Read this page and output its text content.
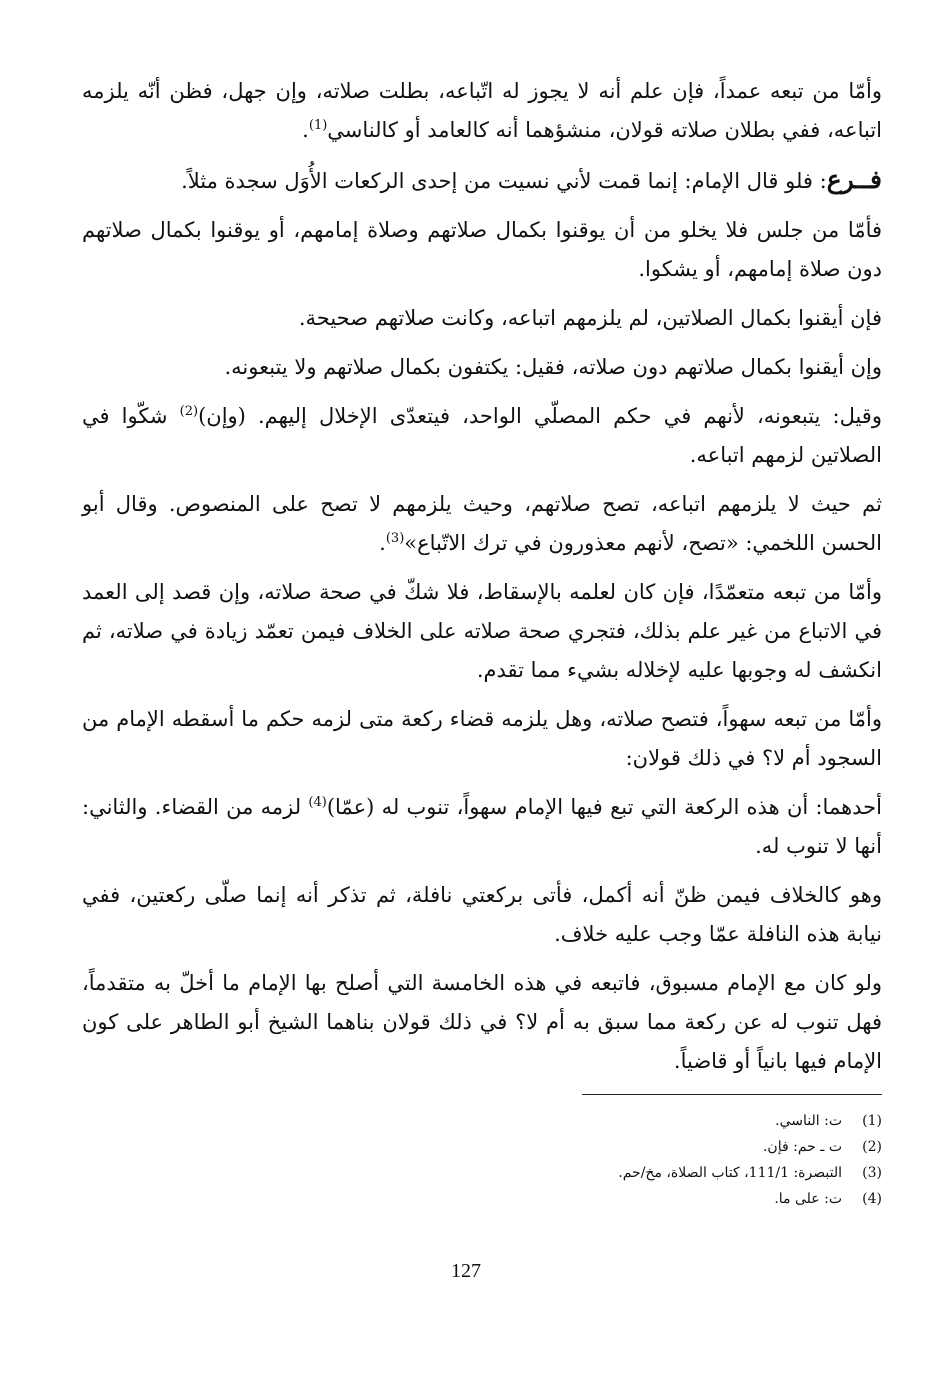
وأمّا من تبعه عمداً، فإن علم أنه لا يجوز له اتّباعه، بطلت صلاته، وإن جهل، فظن أنّه يلزمه اتباعه، ففي بطلان صلاته قولان، منشؤهما أنه كالعامد أو كالناسي$^{(1)}$.

فــرع: فلو قال الإمام: إنما قمت لأني نسيت من إحدى الركعات الأُوَل سجدة مثلاً.

فأمّا من جلس فلا يخلو من أن يوقنوا بكمال صلاتهم وصلاة إمامهم، أو يوقنوا بكمال صلاتهم دون صلاة إمامهم، أو يشكوا.

فإن أيقنوا بكمال الصلاتين، لم يلزمهم اتباعه، وكانت صلاتهم صحيحة.

وإن أيقنوا بكمال صلاتهم دون صلاته، فقيل: يكتفون بكمال صلاتهم ولا يتبعونه.

وقيل: يتبعونه، لأنهم في حكم المصلّي الواحد، فيتعدّى الإخلال إليهم. (وإن)$^{(2)}$ شكّوا في الصلاتين لزمهم اتباعه.

ثم حيث لا يلزمهم اتباعه، تصح صلاتهم، وحيث يلزمهم لا تصح على المنصوص. وقال أبو الحسن اللخمي: «تصح، لأنهم معذورون في ترك الاتّباع»$^{(3)}$.

وأمّا من تبعه متعمّدًا، فإن كان لعلمه بالإسقاط، فلا شكّ في صحة صلاته، وإن قصد إلى العمد في الاتباع من غير علم بذلك، فتجري صحة صلاته على الخلاف فيمن تعمّد زيادة في صلاته، ثم انكشف له وجوبها عليه لإخلاله بشيء مما تقدم.

وأمّا من تبعه سهواً، فتصح صلاته، وهل يلزمه قضاء ركعة متى لزمه حكم ما أسقطه الإمام من السجود أم لا؟ في ذلك قولان:

أحدهما: أن هذه الركعة التي تبع فيها الإمام سهواً، تنوب له (عمّا)$^{(4)}$ لزمه من القضاء. والثاني: أنها لا تنوب له.

وهو كالخلاف فيمن ظنّ أنه أكمل، فأتى بركعتي نافلة، ثم تذكر أنه إنما صلّى ركعتين، ففي نيابة هذه النافلة عمّا وجب عليه خلاف.

ولو كان مع الإمام مسبوق، فاتبعه في هذه الخامسة التي أصلح بها الإمام ما أخلّ به متقدماً، فهل تنوب له عن ركعة مما سبق به أم لا؟ في ذلك قولان بناهما الشيخ أبو الطاهر على كون الإمام فيها بانياً أو قاضياً.

(1)
ت: الناسي.
(2)
ت ـ حم: فإن.
(3)
التبصرة: 111/1، كتاب الصلاة، مخ/حم.
(4)
ت: على ما.
127
